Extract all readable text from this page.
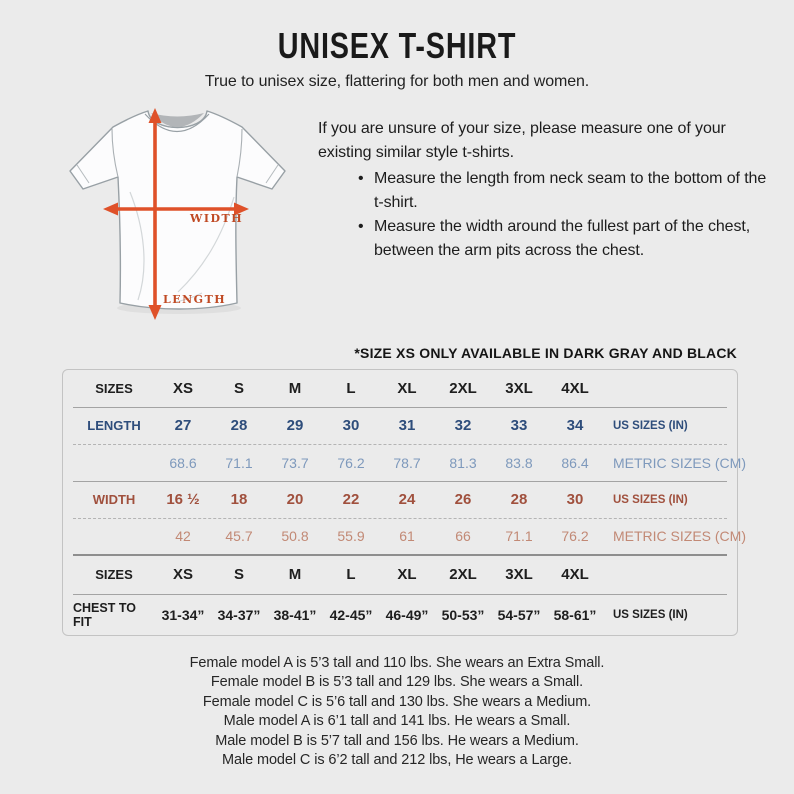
UNISEX T-SHIRT

True to unisex size, flattering for both men and women.

WIDTH
LENGTH

If you are unsure of your size, please measure one of your existing similar style t-shirts.

• Measure the length from neck seam to the bottom of the t-shirt.
• Measure the width around the fullest part of the chest, between the arm pits across the chest.
*SIZE XS ONLY AVAILABLE IN DARK GRAY AND BLACK
SIZES	XS	S	M	L	XL	2XL	3XL	4XL
LENGTH	27	28	29	30	31	32	33	34	US SIZES (IN)
68.6	71.1	73.7	76.2	78.7	81.3	83.8	86.4	METRIC SIZES (CM)
WIDTH	16 ½	18	20	22	24	26	28	30	US SIZES (IN)
42	45.7	50.8	55.9	61	66	71.1	76.2	METRIC SIZES (CM)
SIZES	XS	S	M	L	XL	2XL	3XL	4XL
CHEST TO FIT	31-34” 34-37” 38-41” 42-45” 46-49” 50-53” 54-57” 58-61”	US SIZES (IN)

Female model A is 5’3 tall and 110 lbs. She wears an Extra Small.

Female model B is 5’3 tall and 129 lbs. She wears a Small.

Female model C is 5’6 tall and 130 lbs. She wears a Medium.

Male model A is 6’1 tall and 141 lbs. He wears a Small.

Male model B is 5’7 tall and 156 lbs. He wears a Medium.

Male model C is 6’2 tall and 212 lbs, He wears a Large.
